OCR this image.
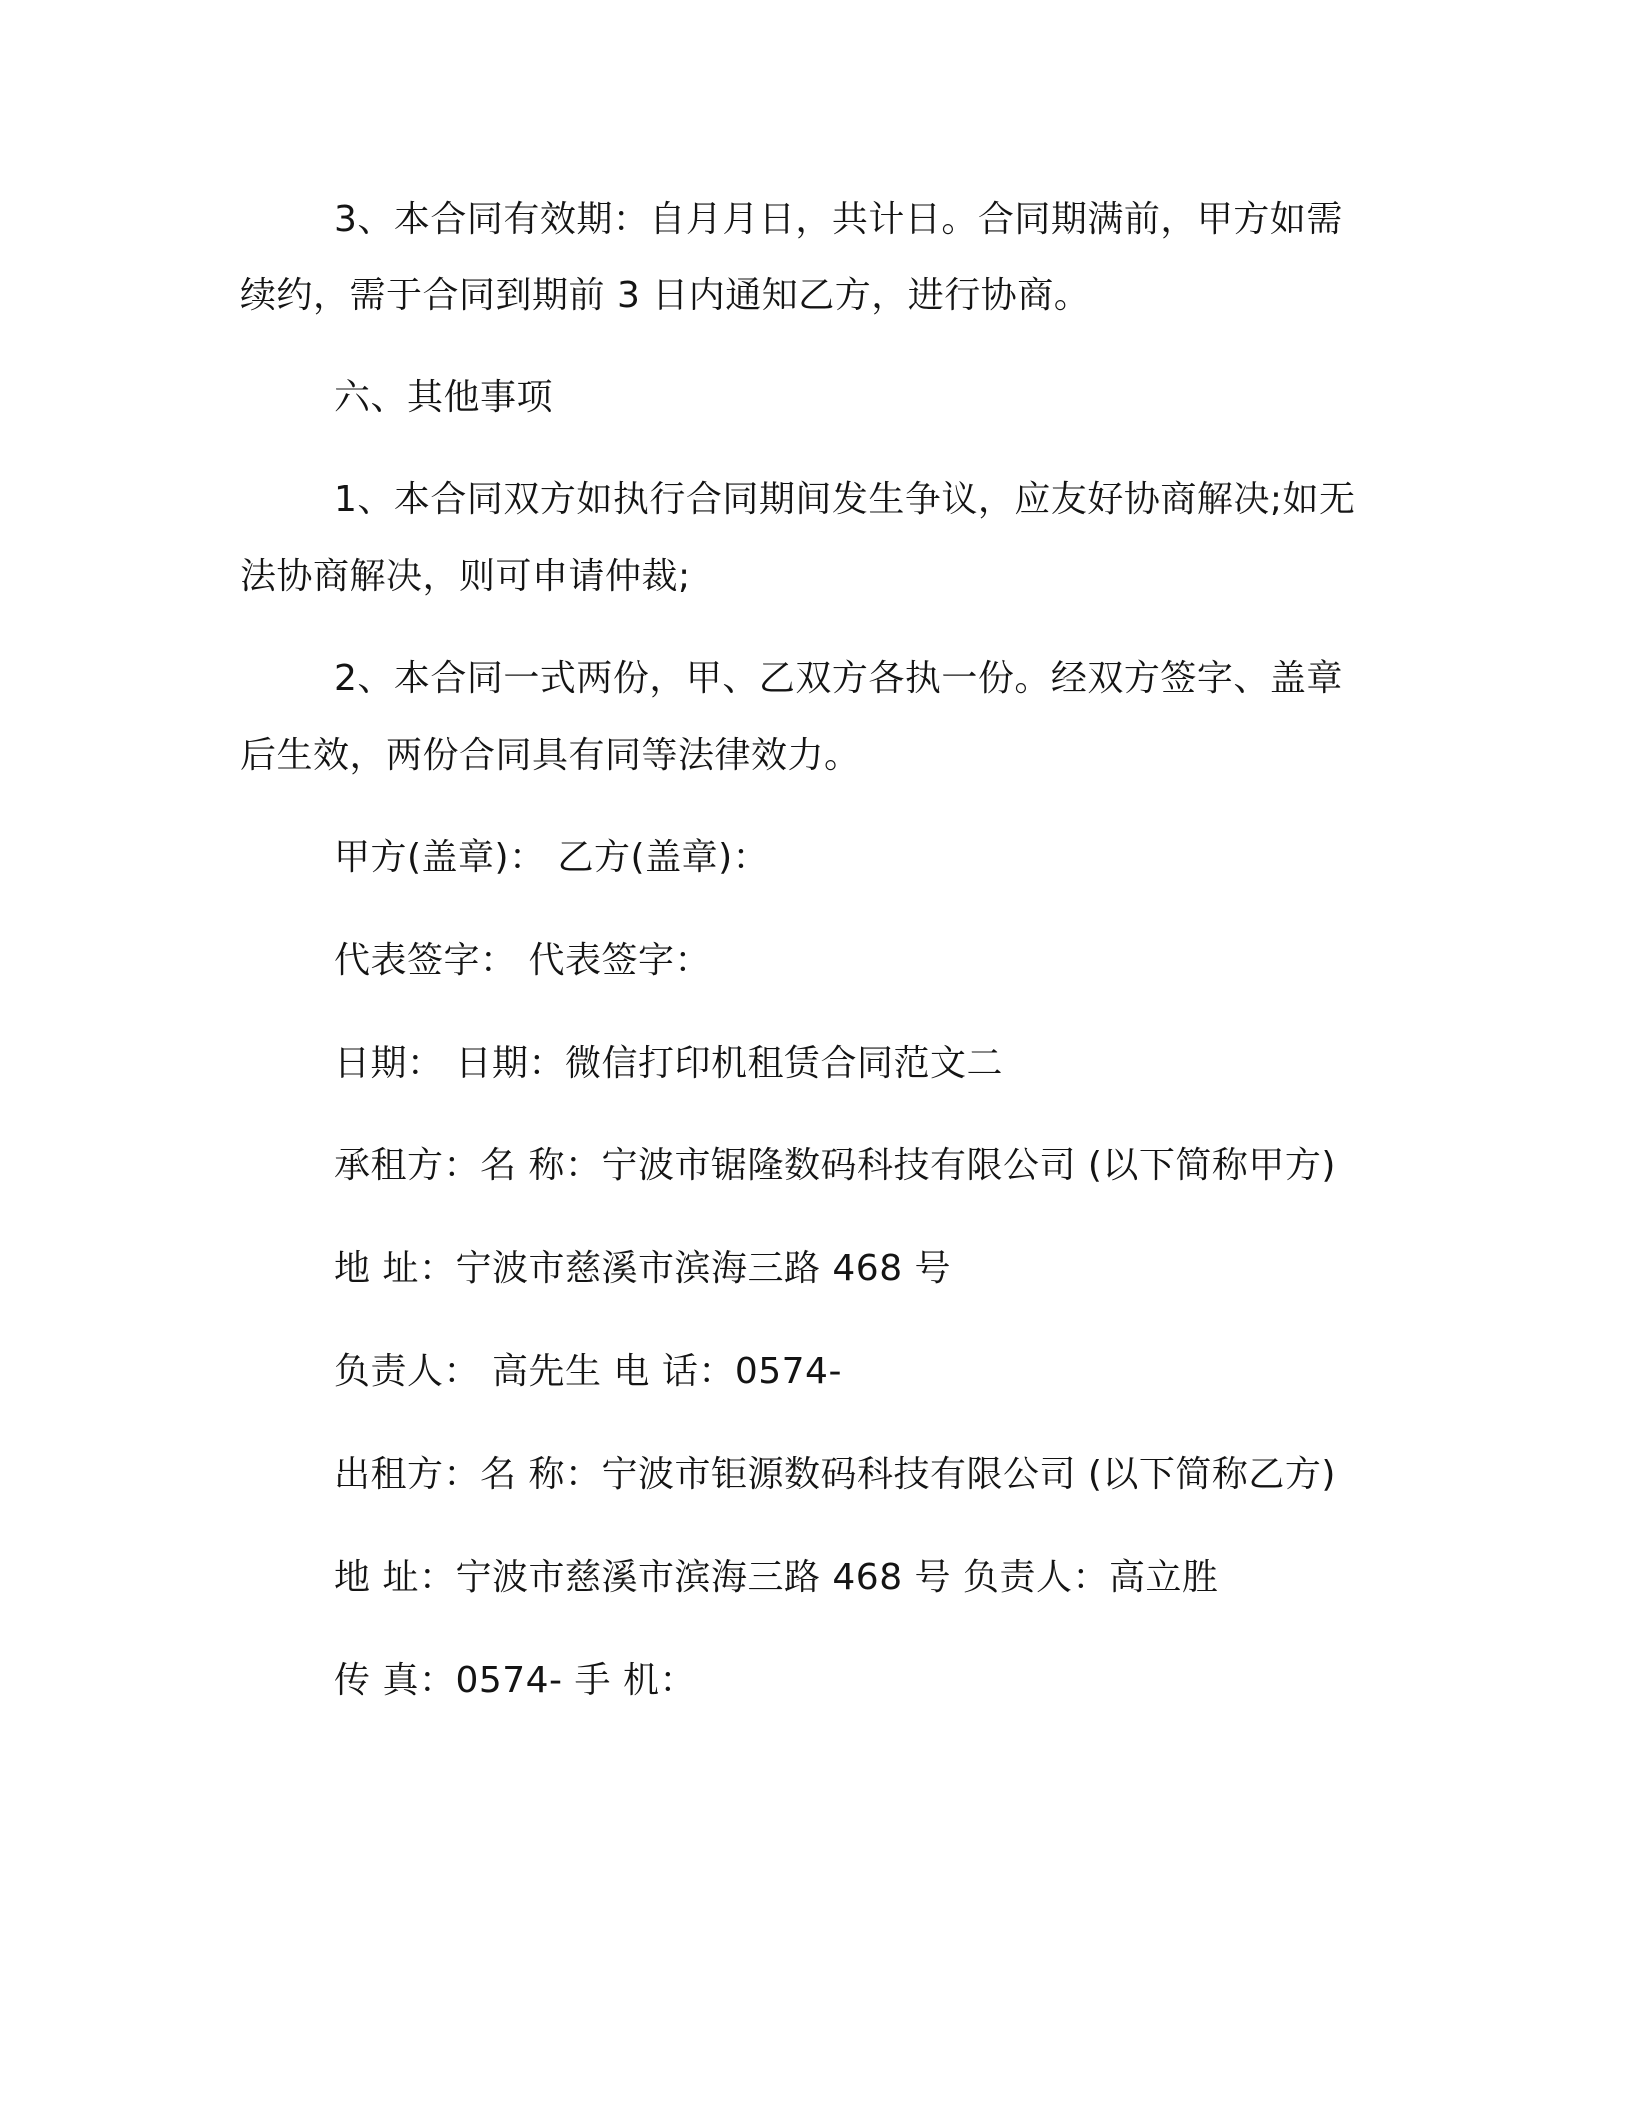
3、本合同有效期：自月月日，共计日。合同期满前，甲方如需
续约，需于合同到期前 3 日内通知乙方，进行协商。
六、其他事项
1、本合同双方如执行合同期间发生争议，应友好协商解决;如无
法协商解决，则可申请仲裁;
2、本合同一式两份，甲、乙双方各执一份。经双方签字、盖章
后生效，两份合同具有同等法律效力。
甲方(盖章)： 乙方(盖章)：
代表签字： 代表签字：
日期： 日期：微信打印机租赁合同范文二
承租方：名 称：宁波市锯隆数码科技有限公司 (以下简称甲方)
地 址：宁波市慈溪市滨海三路 468 号
负责人： 高先生 电 话：0574-
出租方：名 称：宁波市钜源数码科技有限公司 (以下简称乙方)
地 址：宁波市慈溪市滨海三路 468 号 负责人：高立胜
传 真：0574- 手 机：
